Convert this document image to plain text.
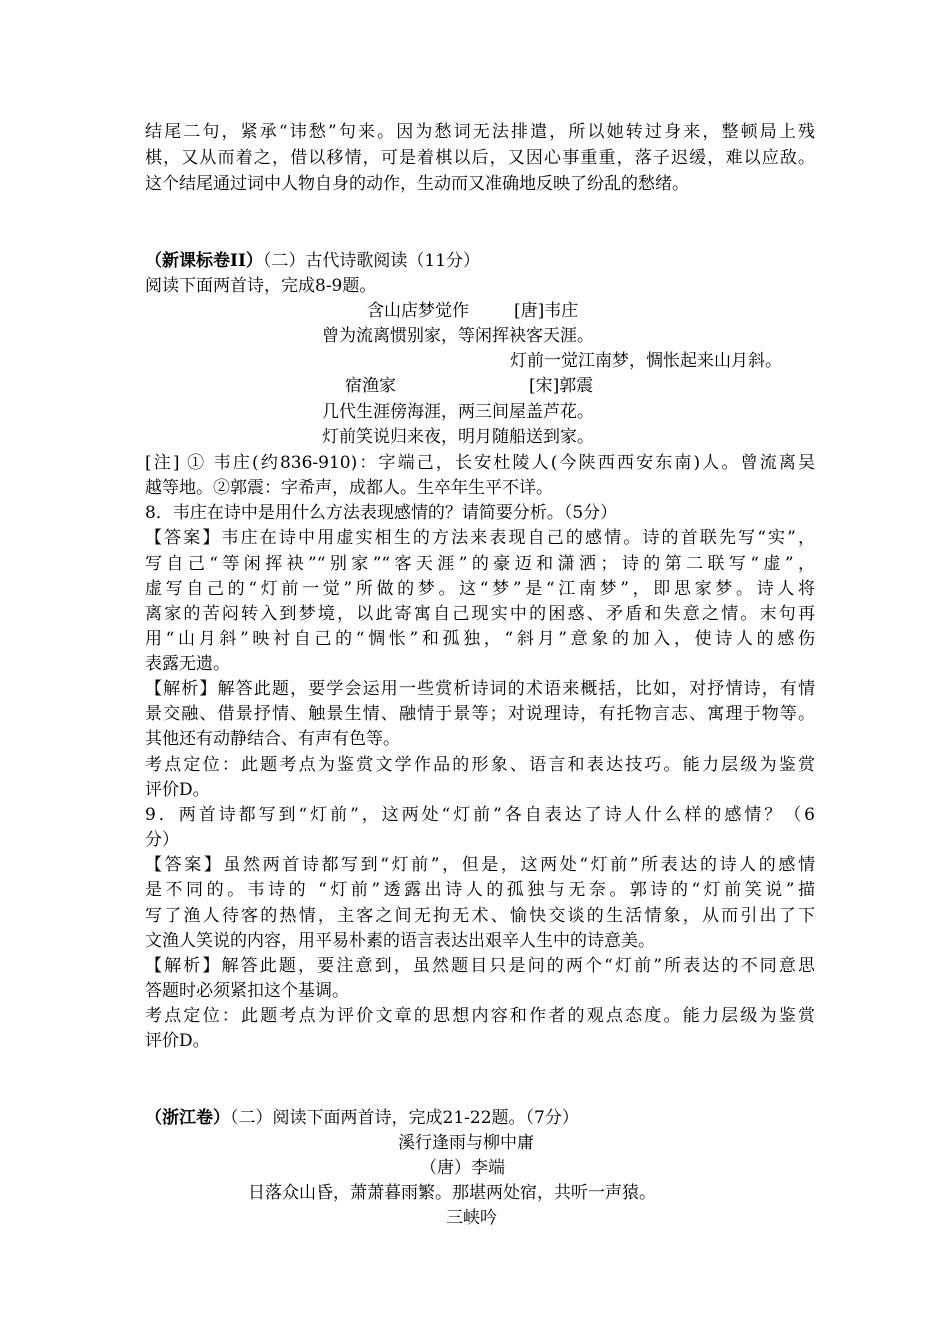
结尾二句，紧承“讳愁”句来。因为愁词无法排遣，所以她转过身来，整顿局上残
棋，又从而着之，借以移情，可是着棋以后，又因心事重重，落子迟缓，难以应敌。
这个结尾通过词中人物自身的动作，生动而又准确地反映了纷乱的愁绪。
（新课标卷II）（二）古代诗歌阅读（11分）
阅读下面两首诗，完成8-9题。
含山店梦觉作	[唐]韦庄
曾为流离惯别家，等闲挥袂客天涯。
灯前一觉江南梦，惆怅起来山月斜。
宿渔家	[宋]郭震
几代生涯傍海涯，两三间屋盖芦花。
灯前笑说归来夜，明月随船送到家。
[注] ① 韦庄(约836-910)：字端己，长安杜陵人(今陕西西安东南)人。曾流离吴
越等地。②郭震：字希声，成都人。生卒年生平不详。
8．韦庄在诗中是用什么方法表现感情的？请简要分析。（5分）
【答案】韦庄在诗中用虚实相生的方法来表现自己的感情。诗的首联先写“实”，
写自己“等闲挥袂”“别家”“客天涯”的豪迈和潇洒；诗的第二联写“虚”，
虚写自己的“灯前一觉”所做的梦。这“梦”是“江南梦”，即思家梦。诗人将
离家的苦闷转入到梦境，以此寄寓自己现实中的困惑、矛盾和失意之情。末句再
用“山月斜”映衬自己的“惆怅”和孤独，“斜月”意象的加入，使诗人的感伤
表露无遗。
【解析】解答此题，要学会运用一些赏析诗词的术语来概括，比如，对抒情诗，有情
景交融、借景抒情、触景生情、融情于景等；对说理诗，有托物言志、寓理于物等。
其他还有动静结合、有声有色等。
考点定位：此题考点为鉴赏文学作品的形象、语言和表达技巧。能力层级为鉴赏
评价D。
9．两首诗都写到“灯前”，这两处“灯前”各自表达了诗人什么样的感情？（6
分）
【答案】虽然两首诗都写到“灯前”，但是，这两处“灯前”所表达的诗人的感情
是不同的。韦诗的 “灯前”透露出诗人的孤独与无奈。郭诗的“灯前笑说”描
写了渔人待客的热情，主客之间无拘无术、愉快交谈的生活情象，从而引出了下
文渔人笑说的内容，用平易朴素的语言表达出艰辛人生中的诗意美。
【解析】解答此题，要注意到，虽然题目只是问的两个“灯前”所表达的不同意思
答题时必须紧扣这个基调。
考点定位：此题考点为评价文章的思想内容和作者的观点态度。能力层级为鉴赏
评价D。
（浙江卷）（二）阅读下面两首诗，完成21-22题。（7分）
溪行逢雨与柳中庸
（唐）李端
日落众山昏，萧萧暮雨繁。那堪两处宿，共听一声猿。
三峡吟
